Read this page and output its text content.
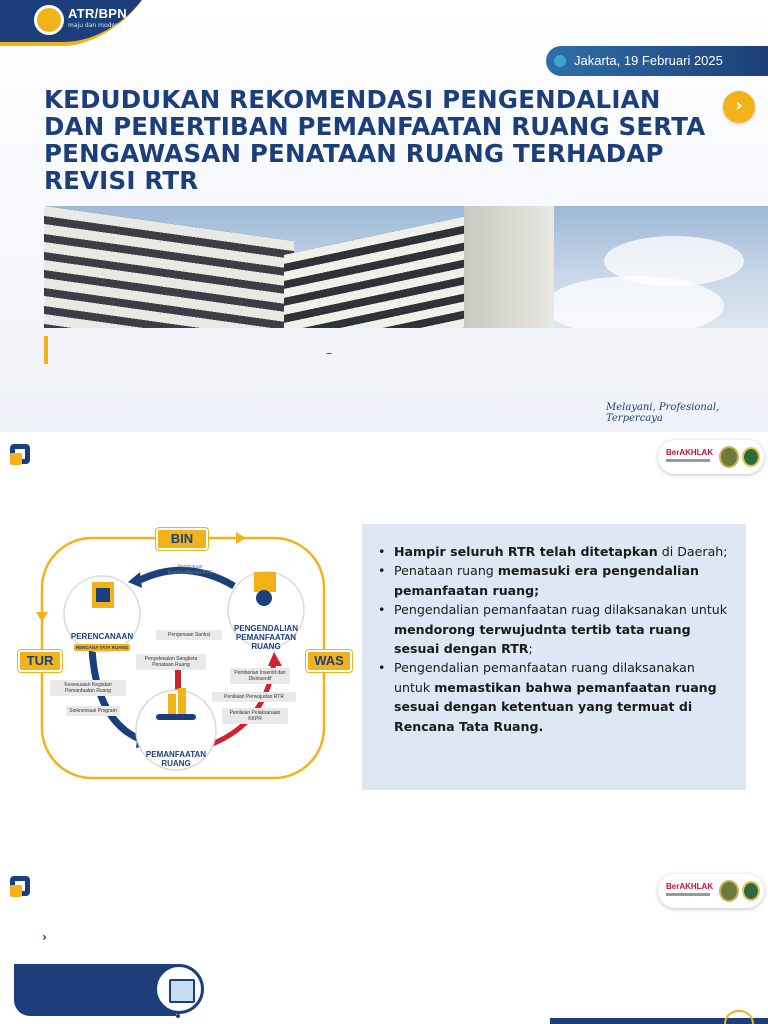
ATR/BPN
maju dan modern
Jakarta, 19 Februari 2025
KEDUDUKAN REKOMENDASI PENGENDALIAN DAN PENERTIBAN PEMANFAATAN RUANG SERTA PENGAWASAN PENATAAN RUANG TERHADAP REVISI RTR
›
–
Melayani, Profesional, Terpercaya
BerAKHLAK
BIN
TUR	WAS
PERENCANAAN
RENCANA TATA RUANG
PENGENDALIAN PEMANFAATAN RUANG
PEMANFAATAN RUANG
Peninjauan Kembali/Revisi RTR
Pengenaan Sanksi
Penyelesaian Sengketa Penataan Ruang
Pemberian Insentif dan Disinsentif
Penilaian Perwujudan RTR
Penilaian Pelaksanaan KKPR
Kesesuaian Kegiatan Pemanfaatan Ruang
Sinkronisasi Program
• Hampir seluruh RTR telah ditetapkan di Daerah;
• Penataan ruang memasuki era pengendalian pemanfaatan ruang;
• Pengendalian pemanfaatan ruag dilaksanakan untuk mendorong terwujudnta tertib tata ruang sesuai dengan RTR;
• Pengendalian pemanfaatan ruang dilaksanakan untuk memastikan bahwa pemanfaatan ruang sesuai dengan ketentuan yang termuat di Rencana Tata Ruang.
BerAKHLAK
›
